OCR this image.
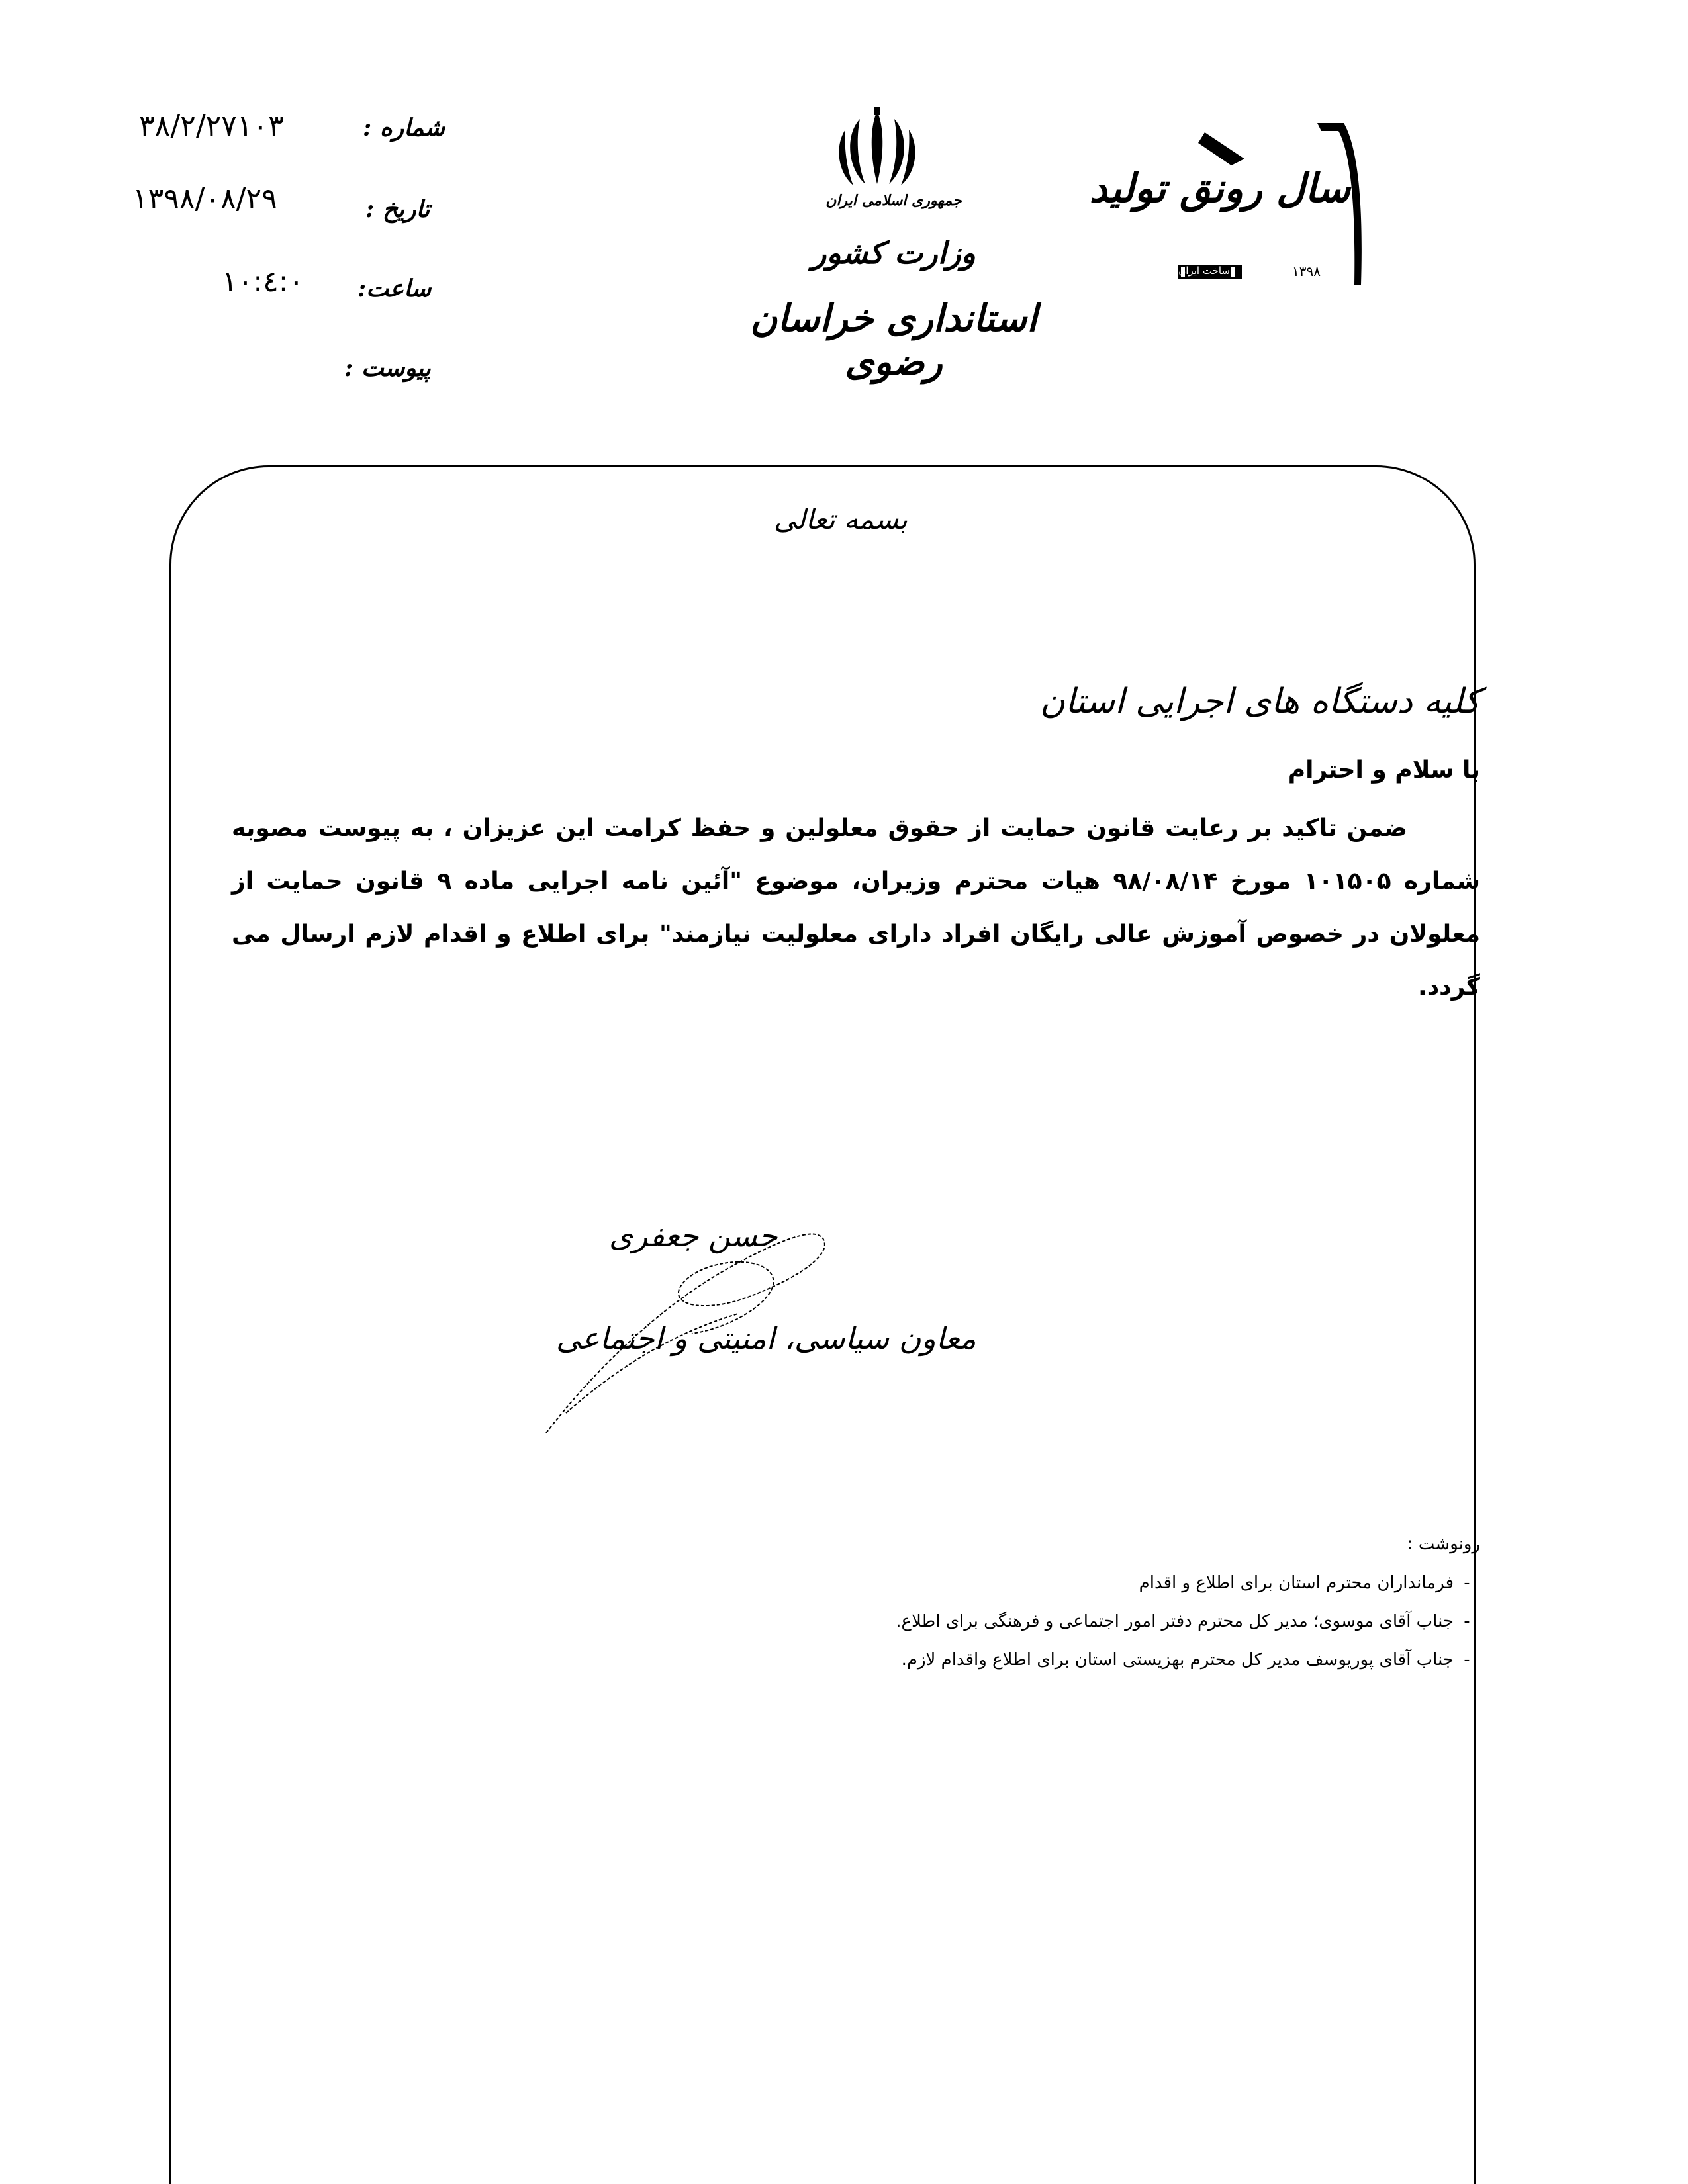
۳۸/۲/۲۷۱۰۳	شماره :
۱۳۹۸/۰۸/۲۹	تاریخ :
۱۰:٤:۰ ساعت:
پیوست :
جمهوری اسلامی ایران
وزارت کشور
استانداری خراسان رضوی
سال رونق تولید
۱۳۹۸
ساخت ایران
بسمه تعالی
کلیه دستگاه های اجرایی استان
با سلام و احترام
ضمن تاکید بر رعایت قانون حمایت از حقوق معلولین و حفظ کرامت این عزیزان ، به پیوست مصوبه شماره ۱۰۱۵۰۵ مورخ ۹۸/۰۸/۱۴ هیات محترم وزیران، موضوع "آئین نامه اجرایی ماده ۹ قانون حمایت از معلولان در خصوص آموزش عالی رایگان افراد دارای معلولیت نیازمند" برای اطلاع و اقدام لازم ارسال می گردد.
حسن جعفری
معاون سیاسی، امنیتی و اجتماعی
رونوشت :
-فرمانداران محترم استان برای اطلاع و اقدام
-جناب آقای موسوی؛ مدیر کل محترم دفتر امور اجتماعی و فرهنگی برای اطلاع.
-جناب آقای پوریوسف مدیر کل محترم بهزیستی استان برای اطلاع واقدام لازم.
